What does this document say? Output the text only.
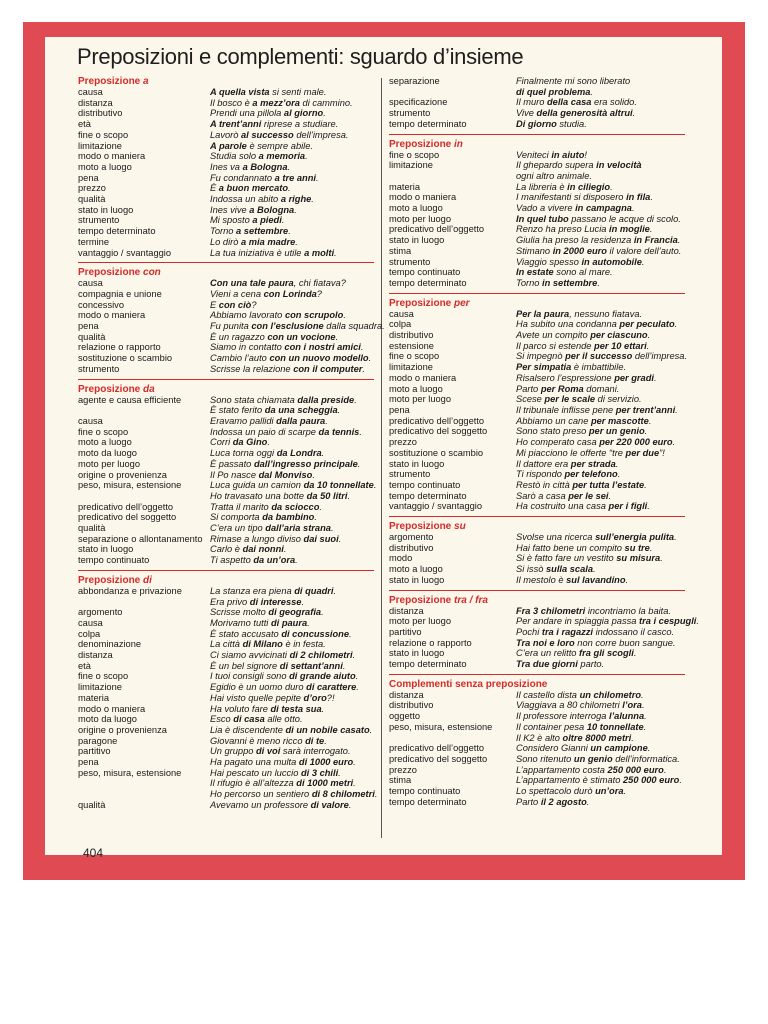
Preposizioni e complementi: sguardo d’insieme
Preposizione a
causa	A quella vista si senti male.
distanza	Il bosco è a mezz’ora di cammino.
distributivo	Prendi una pillola al giorno.
età	A trent’anni riprese a studiare.
fine o scopo	Lavorò al successo dell’impresa.
limitazione	A parole è sempre abile.
modo o maniera	Studia solo a memoria.
moto a luogo	Ines va a Bologna.
pena	Fu condannato a tre anni.
prezzo	È a buon mercato.
qualità	Indossa un abito a righe.
stato in luogo	Ines vive a Bologna.
strumento	Mi sposto a piedi.
tempo determinato	Torno a settembre.
termine	Lo dirò a mia madre.
vantaggio / svantaggio	La tua iniziativa è utile a molti.
Preposizione con
causa	Con una tale paura, chi fiatava?
compagnia e unione	Vieni a cena con Lorinda?
concessivo	E con ciò?
modo o maniera	Abbiamo lavorato con scrupolo.
pena	Fu punita con l’esclusione dalla squadra.
qualità	È un ragazzo con un vocione.
relazione o rapporto	Siamo in contatto con i nostri amici.
sostituzione o scambio	Cambio l’auto con un nuovo modello.
strumento	Scrisse la relazione con il computer.
Preposizione da
agente e causa efficiente	Sono stata chiamata dalla preside.
È stato ferito da una scheggia.
causa	Eravamo pallidi dalla paura.
fine o scopo	Indossa un paio di scarpe da tennis.
moto a luogo	Corri da Gino.
moto da luogo	Luca torna oggi da Londra.
moto per luogo	È passato dall’ingresso principale.
origine o provenienza	Il Po nasce dal Monviso.
peso, misura, estensione	Luca guida un camion da 10 tonnellate.
Ho travasato una botte da 50 litri.
predicativo dell’oggetto	Tratta il marito da sciocco.
predicativo del soggetto	Si comporta da bambino.
qualità	C’era un tipo dall’aria strana.
separazione o allontanamento Rimase a lungo diviso dai suoi.
stato in luogo	Carlo è dai nonni.
tempo continuato	Ti aspetto da un’ora.
Preposizione di
abbondanza e privazione	La stanza era piena di quadri.
Era privo di interesse.
argomento	Scrisse molto di geografia.
causa	Morivamo tutti di paura.
colpa	È stato accusato di concussione.
denominazione	La città di Milano è in festa.
distanza	Ci siamo avvicinati di 2 chilometri.
età	È un bel signore di settant’anni.
fine o scopo	I tuoi consigli sono di grande aiuto.
limitazione	Egidio è un uomo duro di carattere.
materia	Hai visto quelle pepite d’oro?!
modo o maniera	Ha voluto fare di testa sua.
moto da luogo	Esco di casa alle otto.
origine o provenienza	Lia è discendente di un nobile casato.
paragone	Giovanni è meno ricco di te.
partitivo	Un gruppo di voi sarà interrogato.
pena	Ha pagato una multa di 1000 euro.
peso, misura, estensione	Hai pescato un luccio di 3 chili.
Il rifugio è all’altezza di 1000 metri.
Ho percorso un sentiero di 8 chilometri.
qualità	Avevamo un professore di valore.
separazione	Finalmente mi sono liberato
di quel problema.
specificazione	Il muro della casa era solido.
strumento	Vive della generosità altrui.
tempo determinato	Di giorno studia.
Preposizione in
fine o scopo	Veniteci in aiuto!
limitazione	Il ghepardo supera in velocità
ogni altro animale.
materia	La libreria è in ciliegio.
modo o maniera	I manifestanti si disposero in fila.
moto a luogo	Vado a vivere in campagna.
moto per luogo	In quel tubo passano le acque di scolo.
predicativo dell’oggetto	Renzo ha preso Lucia in moglie.
stato in luogo	Giulia ha preso la residenza in Francia.
stima	Stimano in 2000 euro il valore dell’auto.
strumento	Viaggio spesso in automobile.
tempo continuato	In estate sono al mare.
tempo determinato	Torno in settembre.
Preposizione per
causa	Per la paura, nessuno fiatava.
colpa	Ha subito una condanna per peculato.
distributivo	Avete un compito per ciascuno.
estensione	Il parco si estende per 10 ettari.
fine o scopo	Si impegnò per il successo dell’impresa.
limitazione	Per simpatia è imbattibile.
modo o maniera	Risalsero l’espressione per gradi.
moto a luogo	Parto per Roma domani.
moto per luogo	Scese per le scale di servizio.
pena	Il tribunale inflisse pene per trent’anni.
predicativo dell’oggetto	Abbiamo un cane per mascotte.
predicativo del soggetto	Sono stato preso per un genio.
prezzo	Ho comperato casa per 220 000 euro.
sostituzione o scambio	Mi piacciono le offerte “tre per due”!
stato in luogo	Il dattore era per strada.
strumento	Ti rispondo per telefono.
tempo continuato	Restò in città per tutta l’estate.
tempo determinato	Sarò a casa per le sei.
vantaggio / svantaggio	Ha costruito una casa per i figli.
Preposizione su
argomento	Svolse una ricerca sull’energia pulita.
distributivo	Hai fatto bene un compito su tre.
modo	Si è fatto fare un vestito su misura.
moto a luogo	Si issò sulla scala.
stato in luogo	Il mestolo è sul lavandino.
Preposizione tra / fra
distanza	Fra 3 chilometri incontriamo la baita.
moto per luogo	Per andare in spiaggia passa tra i cespugli.
partitivo	Pochi tra i ragazzi indossano il casco.
relazione o rapporto	Tra noi e loro non corre buon sangue.
stato in luogo	C’era un relitto fra gli scogli.
tempo determinato	Tra due giorni parto.
Complementi senza preposizione
distanza	Il castello dista un chilometro.
distributivo	Viaggiava a 80 chilometri l’ora.
oggetto	Il professore interroga l’alunna.
peso, misura, estensione	Il container pesa 10 tonnellate.
Il K2 è alto oltre 8000 metri.
predicativo dell’oggetto	Considero Gianni un campione.
predicativo del soggetto	Sono ritenuto un genio dell’informatica.
prezzo	L’appartamento costa 250 000 euro.
stima	L’appartamento è stimato 250 000 euro.
tempo continuato	Lo spettacolo durò un’ora.
tempo determinato	Parto il 2 agosto.
404
